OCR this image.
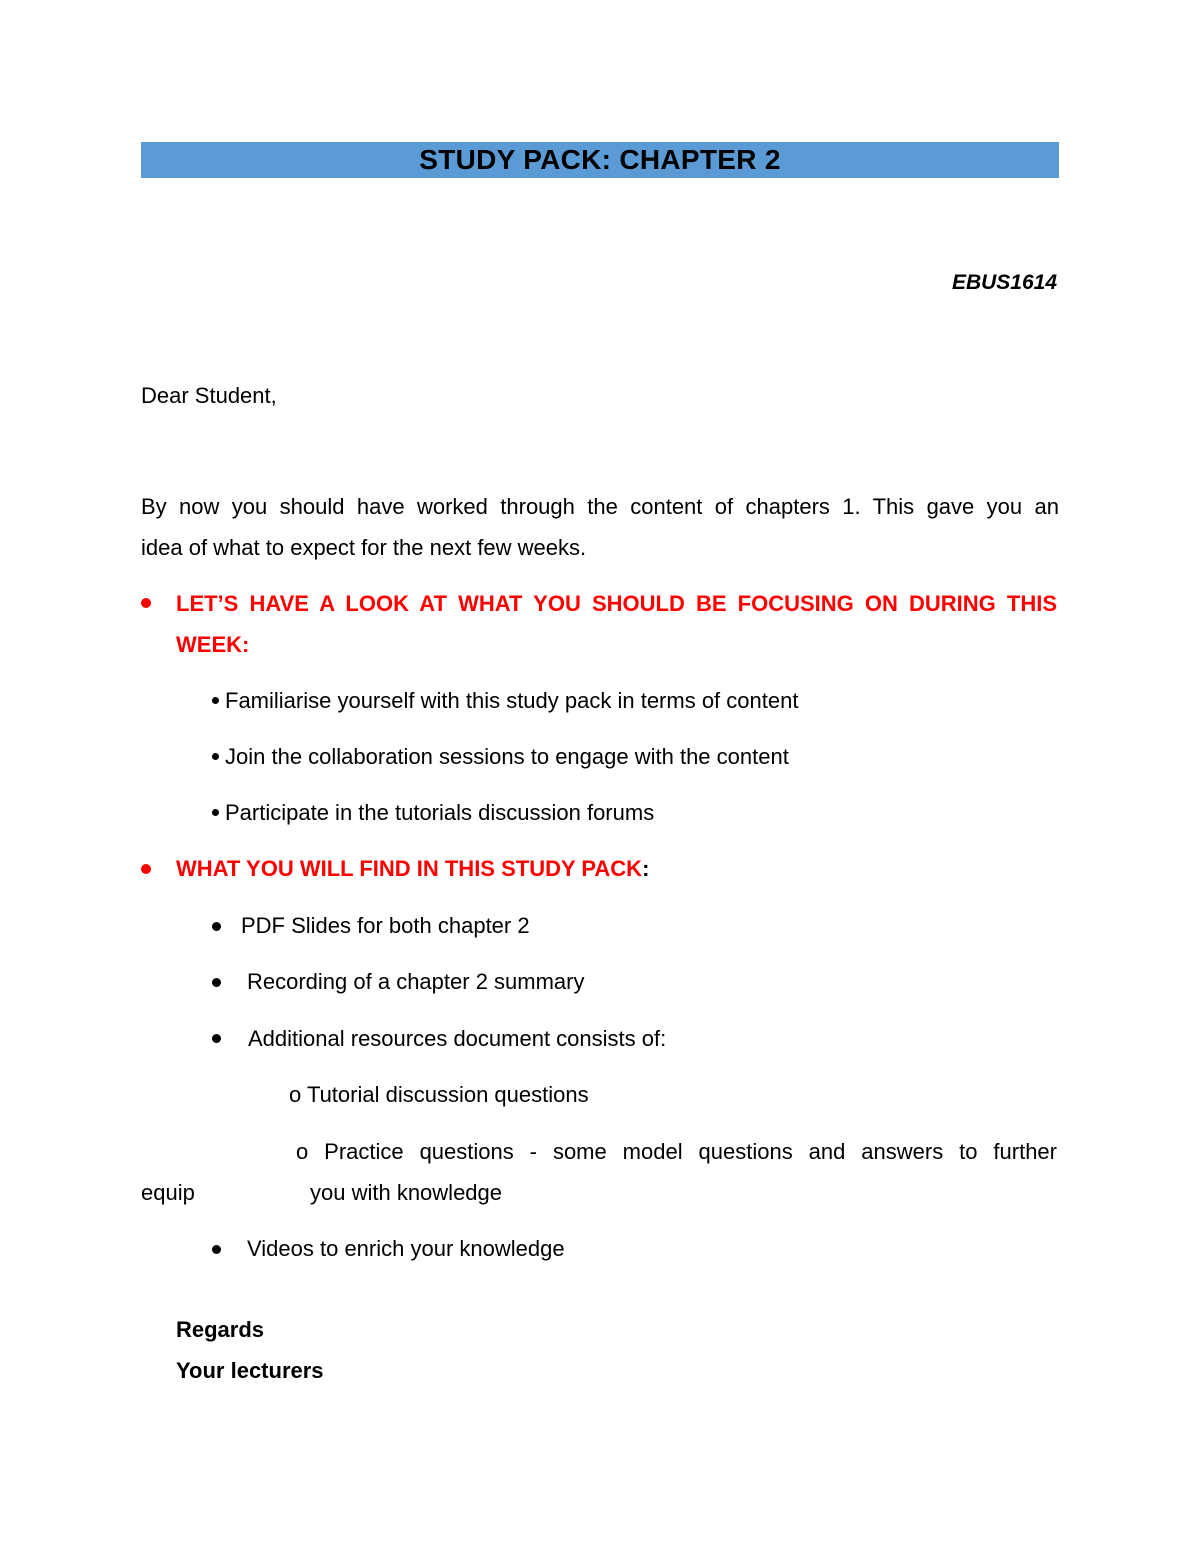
STUDY PACK: CHAPTER 2
EBUS1614
Dear Student,
By now you should have worked through the content of chapters 1. This gave you an
idea of what to expect for the next few weeks.
LET’S HAVE A LOOK AT WHAT YOU SHOULD BE FOCUSING ON DURING THIS
WEEK:
Familiarise yourself with this study pack in terms of content
Join the collaboration sessions to engage with the content
Participate in the tutorials discussion forums
WHAT YOU WILL FIND IN THIS STUDY PACK:
PDF Slides for both chapter 2
Recording of a chapter 2 summary
Additional resources document consists of:
o Tutorial discussion questions
o Practice questions - some model questions and answers to further
equip	you with knowledge
Videos to enrich your knowledge
Regards
Your lecturers
